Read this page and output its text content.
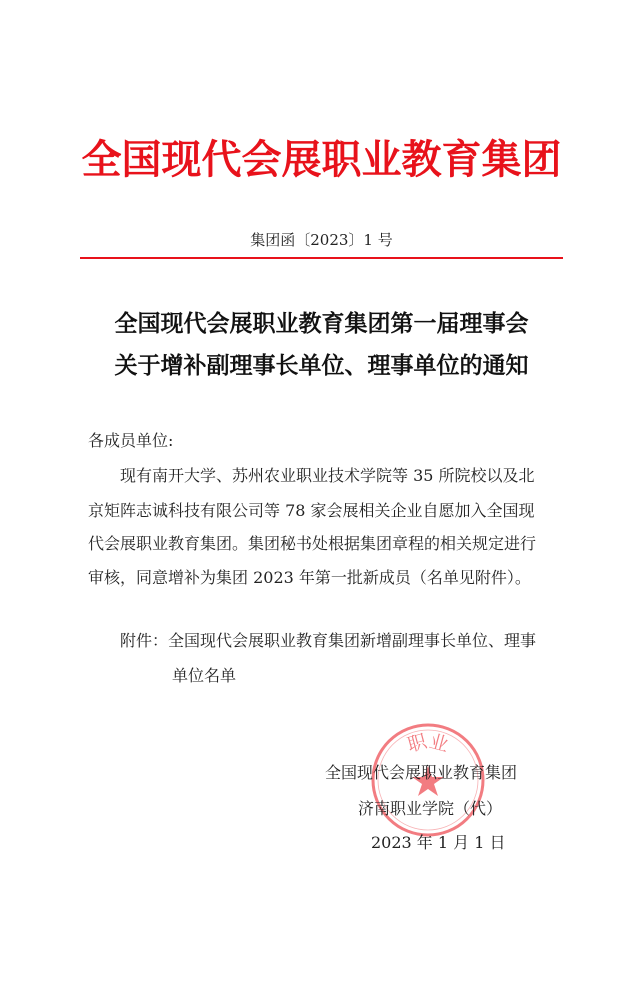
全国现代会展职业教育集团
集团函〔2023〕1 号
全国现代会展职业教育集团第一届理事会
关于增补副理事长单位、理事单位的通知
各成员单位:
现有南开大学、苏州农业职业技术学院等 35 所院校以及北
京矩阵志诚科技有限公司等 78 家会展相关企业自愿加入全国现
代会展职业教育集团。集团秘书处根据集团章程的相关规定进行
审核，同意增补为集团 2023 年第一批新成员（名单见附件）。
附件：全国现代会展职业教育集团新增副理事长单位、理事
单位名单
职业
全国现代会展职业教育集团
济南职业学院（代）
2023 年 1 月 1 日
